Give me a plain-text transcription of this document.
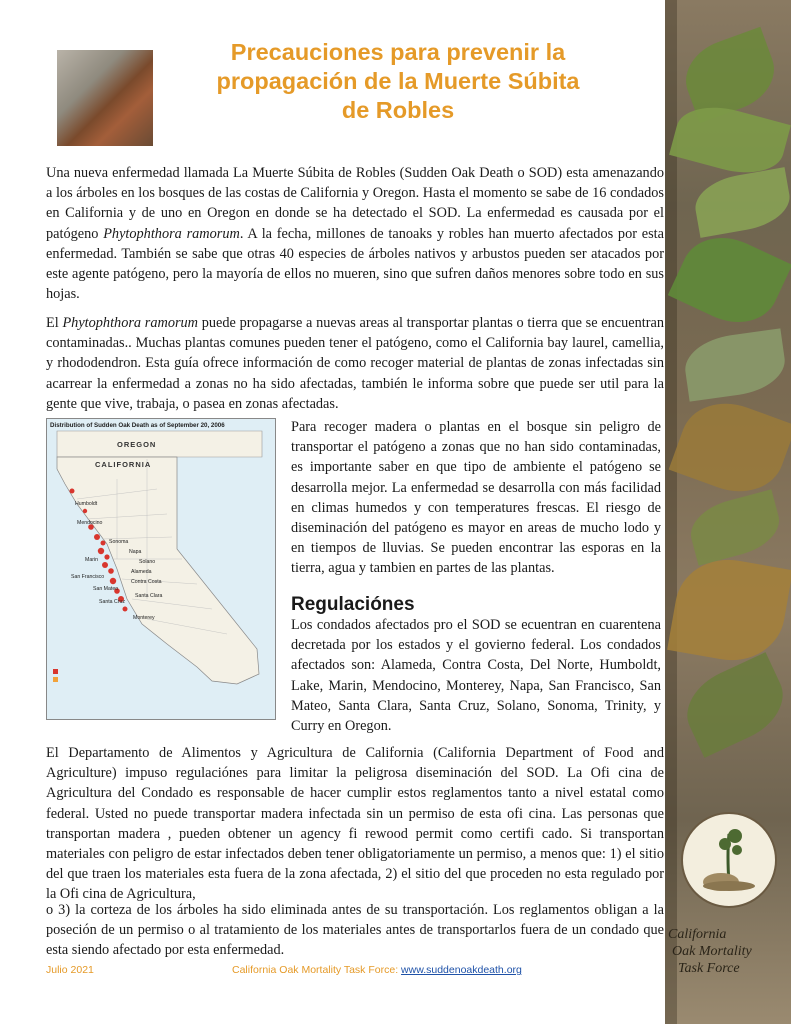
California
Oak Mortality
Task Force
Precauciones para prevenir la
propagación de la Muerte Súbita
de Robles
Una nueva enfermedad llamada La Muerte Súbita de Robles (Sudden Oak Death o SOD) esta amenazando a los árboles en los bosques de las costas de California y Oregon. Hasta el momento se sabe de 16 condados en California y de uno en Oregon en donde se ha detectado el SOD. La enfermedad es causada por el patógeno Phytophthora ramorum. A la fecha, millones de tanoaks y robles han muerto afectados por esta enfermedad. También se sabe que otras 40 especies de árboles nativos y arbustos pueden ser atacados por este agente patógeno, pero la mayoría de ellos no mueren, sino que sufren daños menores sobre todo en sus hojas.
El Phytophthora ramorum puede propagarse a nuevas areas al transportar plantas o tierra que se encuentran contaminadas.. Muchas plantas comunes pueden tener el patógeno, como el California bay laurel, camellia, y rhododendron. Esta guía ofrece información de como recoger material de plantas de zonas infectadas sin acarrear la enfermedad a zonas no ha sido afectadas, también le informa sobre que puede ser util para la gente que vive, trabaja, o pasea en zonas afectadas.
Distribution of Sudden Oak Death as of September 20, 2006
OREGON
CALIFORNIA
Humboldt
Mendocino
Sonoma
Napa
Solano
Marin
Alameda
San Francisco
Contra Costa
San Mateo
Santa Clara
Santa Cruz
Monterey
Para recoger madera o plantas en el bosque sin peligro de transportar el patógeno a zonas que no han sido contaminadas, es importante saber en que tipo de ambiente el patógeno se desarrolla mejor. La enfermedad se desarrolla con más facilidad en climas humedos y con temperatures frescas. El riesgo de diseminación del patógeno es mayor en areas de mucho lodo y en tiempos de lluvias. Se pueden encontrar las esporas en la tierra, agua y tambien en partes de las plantas.
Regulaciónes
Los condados afectados pro el SOD se ecuentran en cuarentena decretada por los estados y el govierno federal. Los condados afectados son: Alameda, Contra Costa, Del Norte, Humboldt, Lake, Marin, Mendocino, Monterey, Napa, San Francisco, San Mateo, Santa Clara, Santa Cruz, Solano, Sonoma, Trinity, y Curry en Oregon.
El Departamento de Alimentos y Agricultura de California (California Department of Food and Agriculture) impuso regulaciónes para limitar la peligrosa diseminación del SOD. La Ofi cina de Agricultura del Condado es responsable de hacer cumplir estos reglamentos tanto a nivel estatal como federal. Usted no puede transportar madera infectada sin un permiso de esta ofi cina. Las personas que transportan madera , pueden obtener un agency fi rewood permit como certifi cado. Si transportan materiales con peligro de estar infectados deben tener obligatoriamente un permiso, a menos que: 1) el sitio del que traen los materiales esta fuera de la zona afectada, 2) el sitio del que proceden no esta regulado por la Ofi cina de Agricultura,
o 3) la corteza de los árboles ha sido eliminada antes de su transportación. Los reglamentos obligan a la poseción de un permiso o al tratamiento de los materiales antes de transportarlos fuera de un condado que esta siendo afectado por esta enfermedad.
Julio 2021	California Oak Mortality Task Force: www.suddenoakdeath.org
